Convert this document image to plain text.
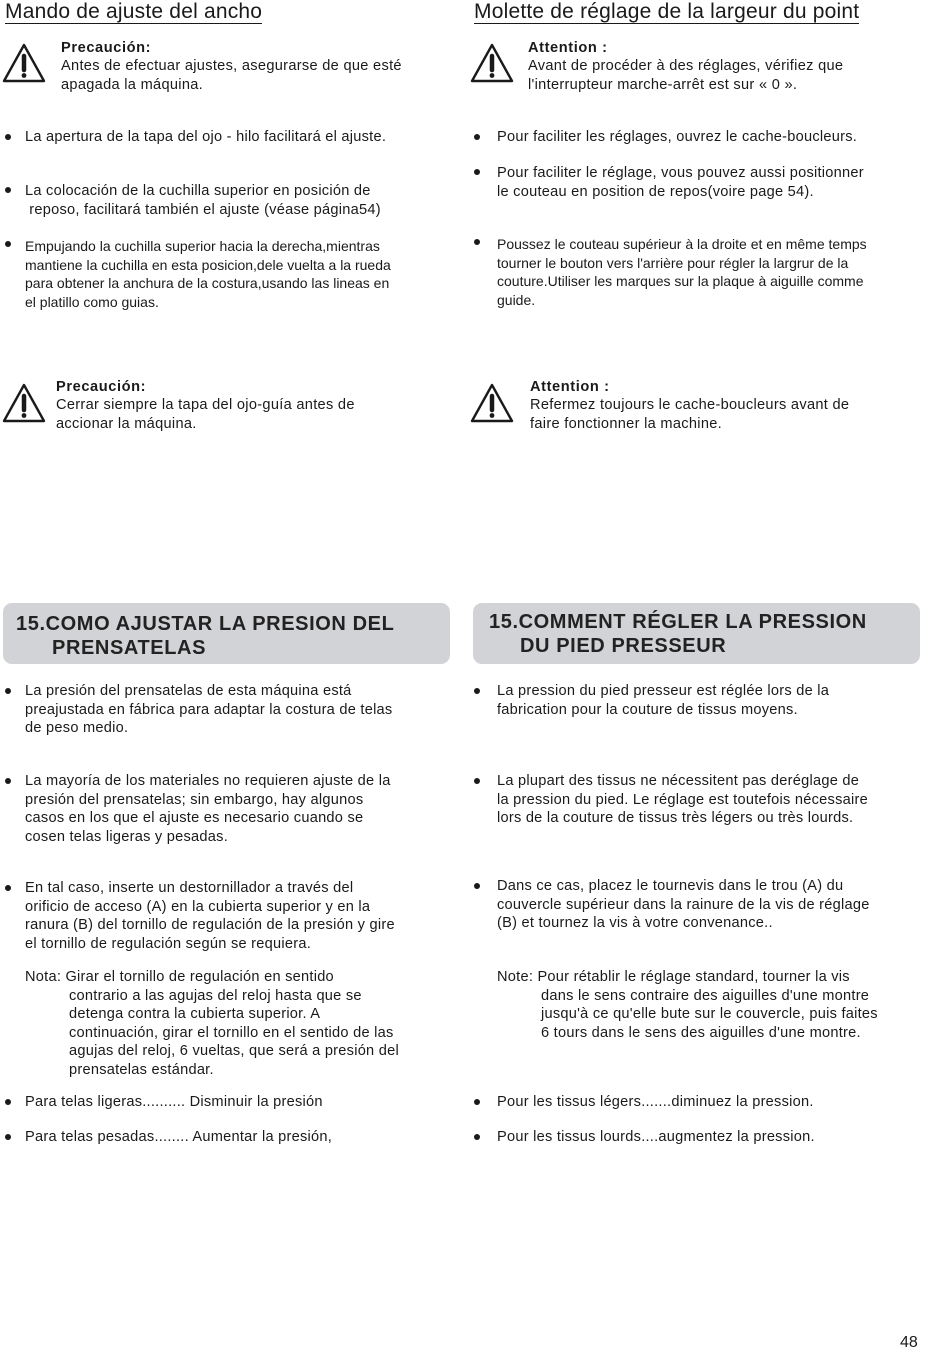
Mando de ajuste del ancho
Precaución:
Antes de efectuar ajustes, asegurarse de que esté
apagada la máquina.
La apertura de la tapa del ojo - hilo facilitará el ajuste.
La colocación de la cuchilla superior en posición de
reposo, facilitará también el ajuste (véase página54)
Empujando la cuchilla superior hacia la derecha,mientras
mantiene la cuchilla en esta posicion,dele vuelta a la rueda
para obtener la anchura de la costura,usando las lineas en
el platillo como guias.
Precaución:
Cerrar siempre la tapa del ojo-guía antes de
accionar la máquina.
15.COMO AJUSTAR LA PRESION DEL
PRENSATELAS
La presión del prensatelas de esta máquina está
preajustada en fábrica para adaptar la costura de telas
de peso medio.
La mayoría de los materiales no requieren ajuste de la
presión del prensatelas; sin embargo, hay algunos
casos en los que el ajuste es necesario cuando se
cosen telas ligeras y pesadas.
En tal caso, inserte un destornillador a través del
orificio de acceso (A) en la cubierta superior y en la
ranura (B) del tornillo de regulación de la presión y gire
el tornillo de regulación según se requiera.
Nota: Girar el tornillo de regulación en sentido
contrario a las agujas del reloj hasta que se
detenga contra la cubierta superior. A
continuación, girar el tornillo en el sentido de las
agujas del reloj, 6 vueltas, que será a presión del
prensatelas estándar.
Para telas ligeras.......... Disminuir la presión
Para telas pesadas........ Aumentar la presión,
Molette de réglage de la largeur du point
Attention :
Avant de procéder à des réglages, vérifiez que
l'interrupteur marche-arrêt est sur « 0 ».
Pour faciliter les réglages, ouvrez le cache-boucleurs.
Pour faciliter le réglage, vous pouvez aussi positionner
le couteau en position de repos(voire page 54).
Poussez le couteau supérieur à la droite et en même temps
tourner le bouton vers l'arrière pour régler la largrur de la
couture.Utiliser les marques sur la plaque à aiguille comme
guide.
Attention :
Refermez toujours le cache-boucleurs avant de
faire fonctionner la machine.
15.COMMENT RÉGLER LA PRESSION
DU PIED PRESSEUR
La pression du pied presseur est réglée lors de la
fabrication pour la couture de tissus moyens.
La plupart des tissus ne nécessitent pas deréglage de
la pression du pied. Le réglage est toutefois nécessaire
lors de la couture de tissus très légers ou très lourds.
Dans ce cas, placez le tournevis dans le trou (A) du
couvercle supérieur dans la rainure de la vis de réglage
(B) et tournez la vis à votre convenance..
Note: Pour rétablir le réglage standard, tourner la vis
dans le sens contraire des aiguilles d'une montre
jusqu'à ce qu'elle bute sur le couvercle, puis faites
6 tours dans le sens des aiguilles d'une montre.
Pour les tissus légers.......diminuez la pression.
Pour les tissus lourds....augmentez la pression.
48
